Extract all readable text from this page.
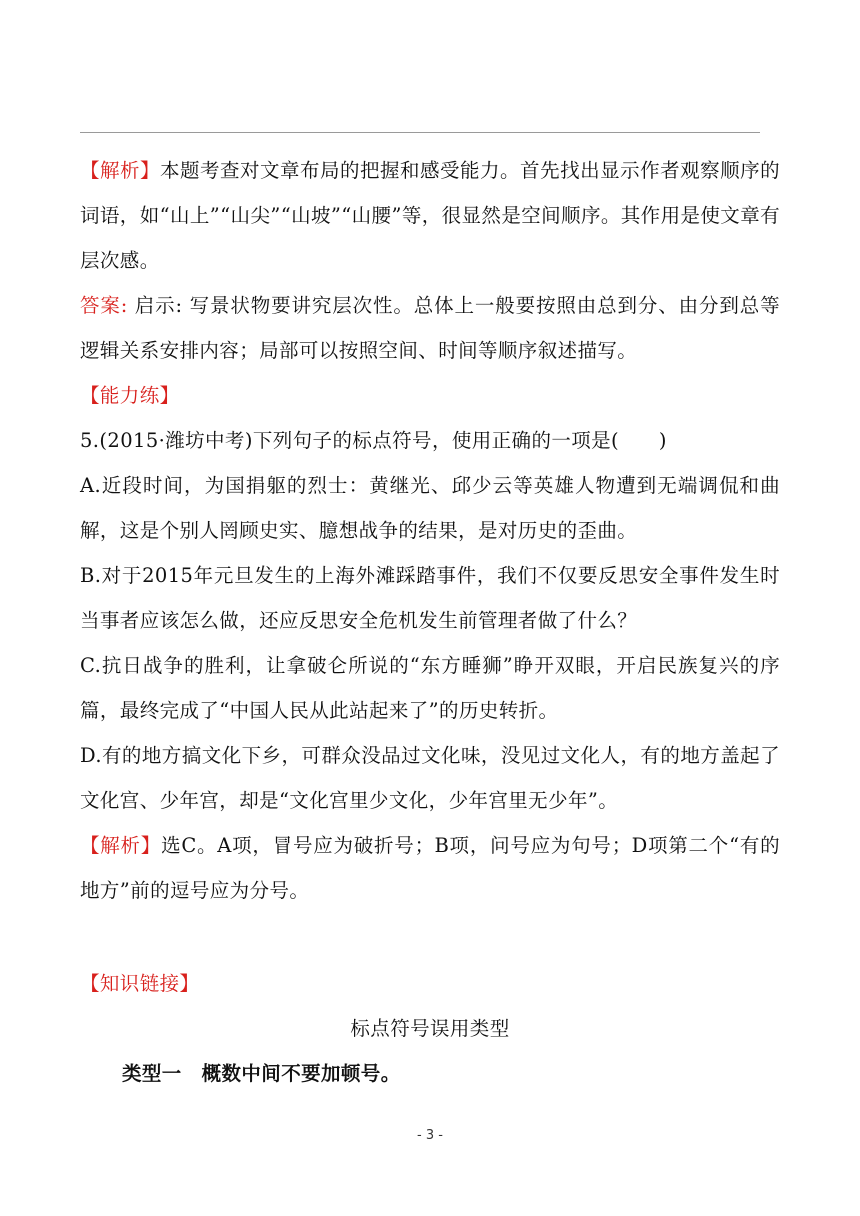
【解析】本题考查对文章布局的把握和感受能力。首先找出显示作者观察顺序的词语，如“山上”“山尖”“山坡”“山腰”等，很显然是空间顺序。其作用是使文章有层次感。

答案: 启示: 写景状物要讲究层次性。总体上一般要按照由总到分、由分到总等逻辑关系安排内容；局部可以按照空间、时间等顺序叙述描写。

【能力练】

5.(2015·潍坊中考)下列句子的标点符号，使用正确的一项是(　　)

A.近段时间，为国捐躯的烈士：黄继光、邱少云等英雄人物遭到无端调侃和曲解，这是个别人罔顾史实、臆想战争的结果，是对历史的歪曲。

B.对于2015年元旦发生的上海外滩踩踏事件，我们不仅要反思安全事件发生时当事者应该怎么做，还应反思安全危机发生前管理者做了什么？

C.抗日战争的胜利，让拿破仑所说的“东方睡狮”睁开双眼，开启民族复兴的序篇，最终完成了“中国人民从此站起来了”的历史转折。

D.有的地方搞文化下乡，可群众没品过文化味，没见过文化人，有的地方盖起了文化宫、少年宫，却是“文化宫里少文化，少年宫里无少年”。

【解析】选C。A项，冒号应为破折号；B项，问号应为句号；D项第二个“有的地方”前的逗号应为分号。

【知识链接】

标点符号误用类型

类型一　概数中间不要加顿号。

- 3 -
